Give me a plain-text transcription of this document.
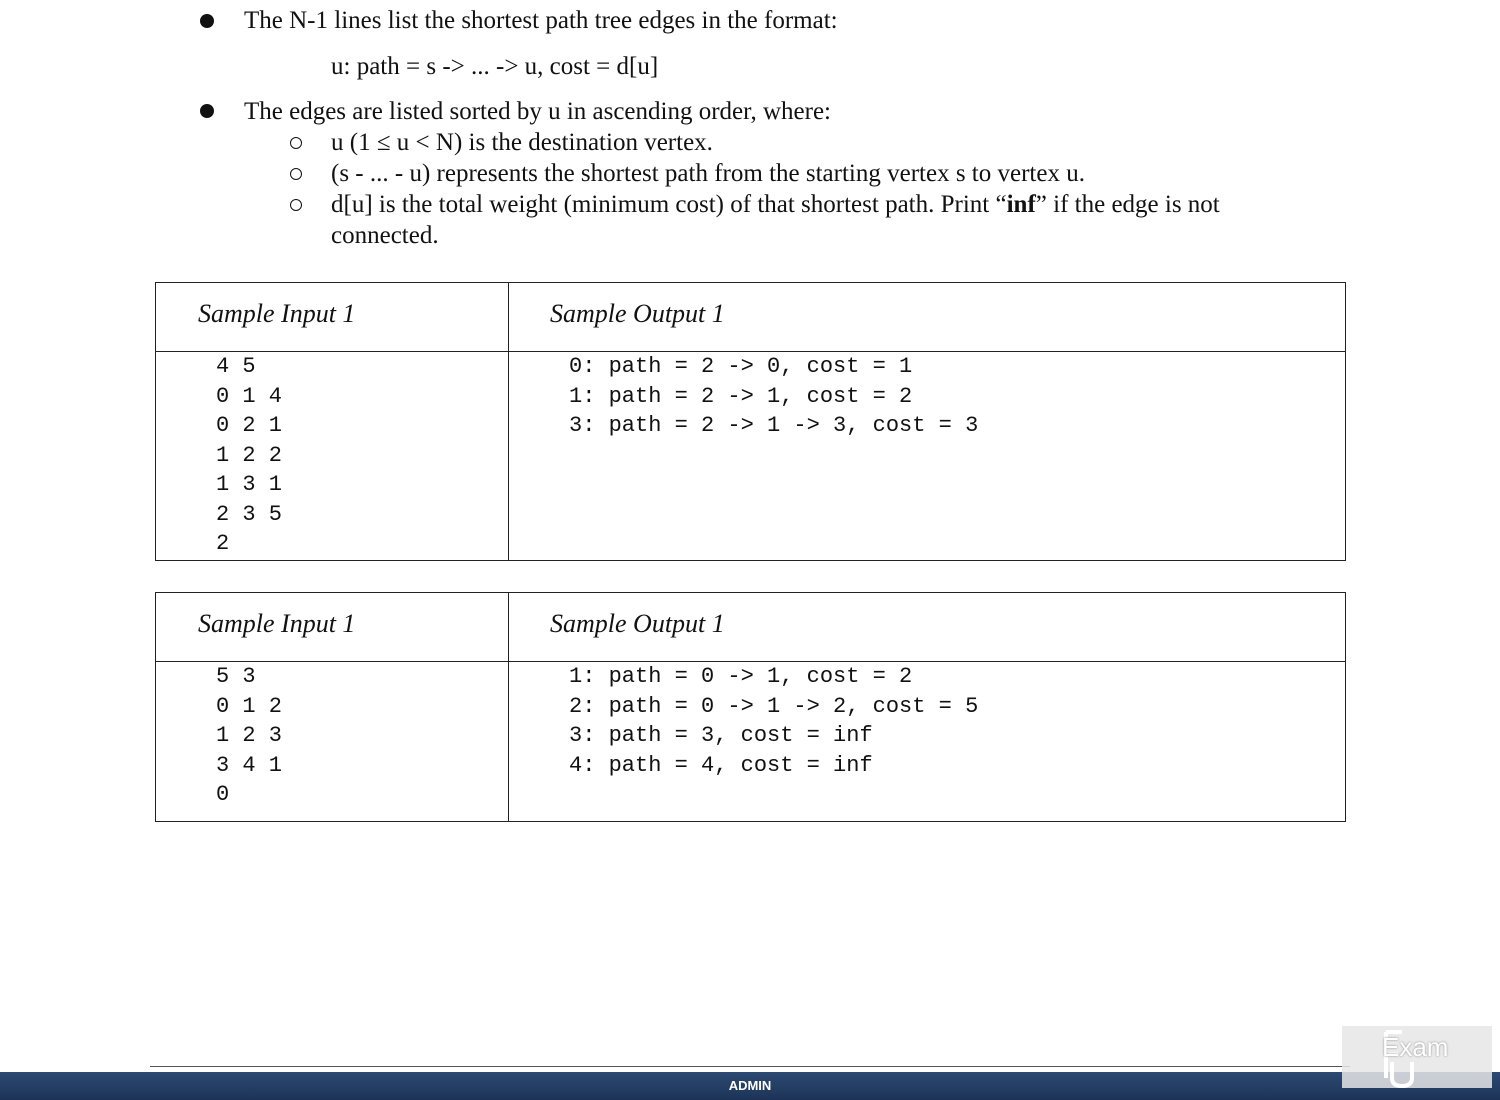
The N-1 lines list the shortest path tree edges in the format:
u: path = s -> ... -> u, cost = d[u]
The edges are listed sorted by u in ascending order, where:
u (1 ≤ u < N) is the destination vertex.
(s - ... - u) represents the shortest path from the starting vertex s to vertex u.
d[u] is the total weight (minimum cost) of that shortest path. Print “inf” if the edge is not
connected.
Sample Input 1	Sample Output 1
4 5
0 1 4
0 2 1
1 2 2
1 3 1
2 3 5
2
0: path = 2 -> 0, cost = 1
1: path = 2 -> 1, cost = 2
3: path = 2 -> 1 -> 3, cost = 3
Sample Input 1	Sample Output 1
5 3
0 1 2
1 2 3
3 4 1
0
1: path = 0 -> 1, cost = 2
2: path = 0 -> 1 -> 2, cost = 5
3: path = 3, cost = inf
4: path = 4, cost = inf
ADMIN
Exam
